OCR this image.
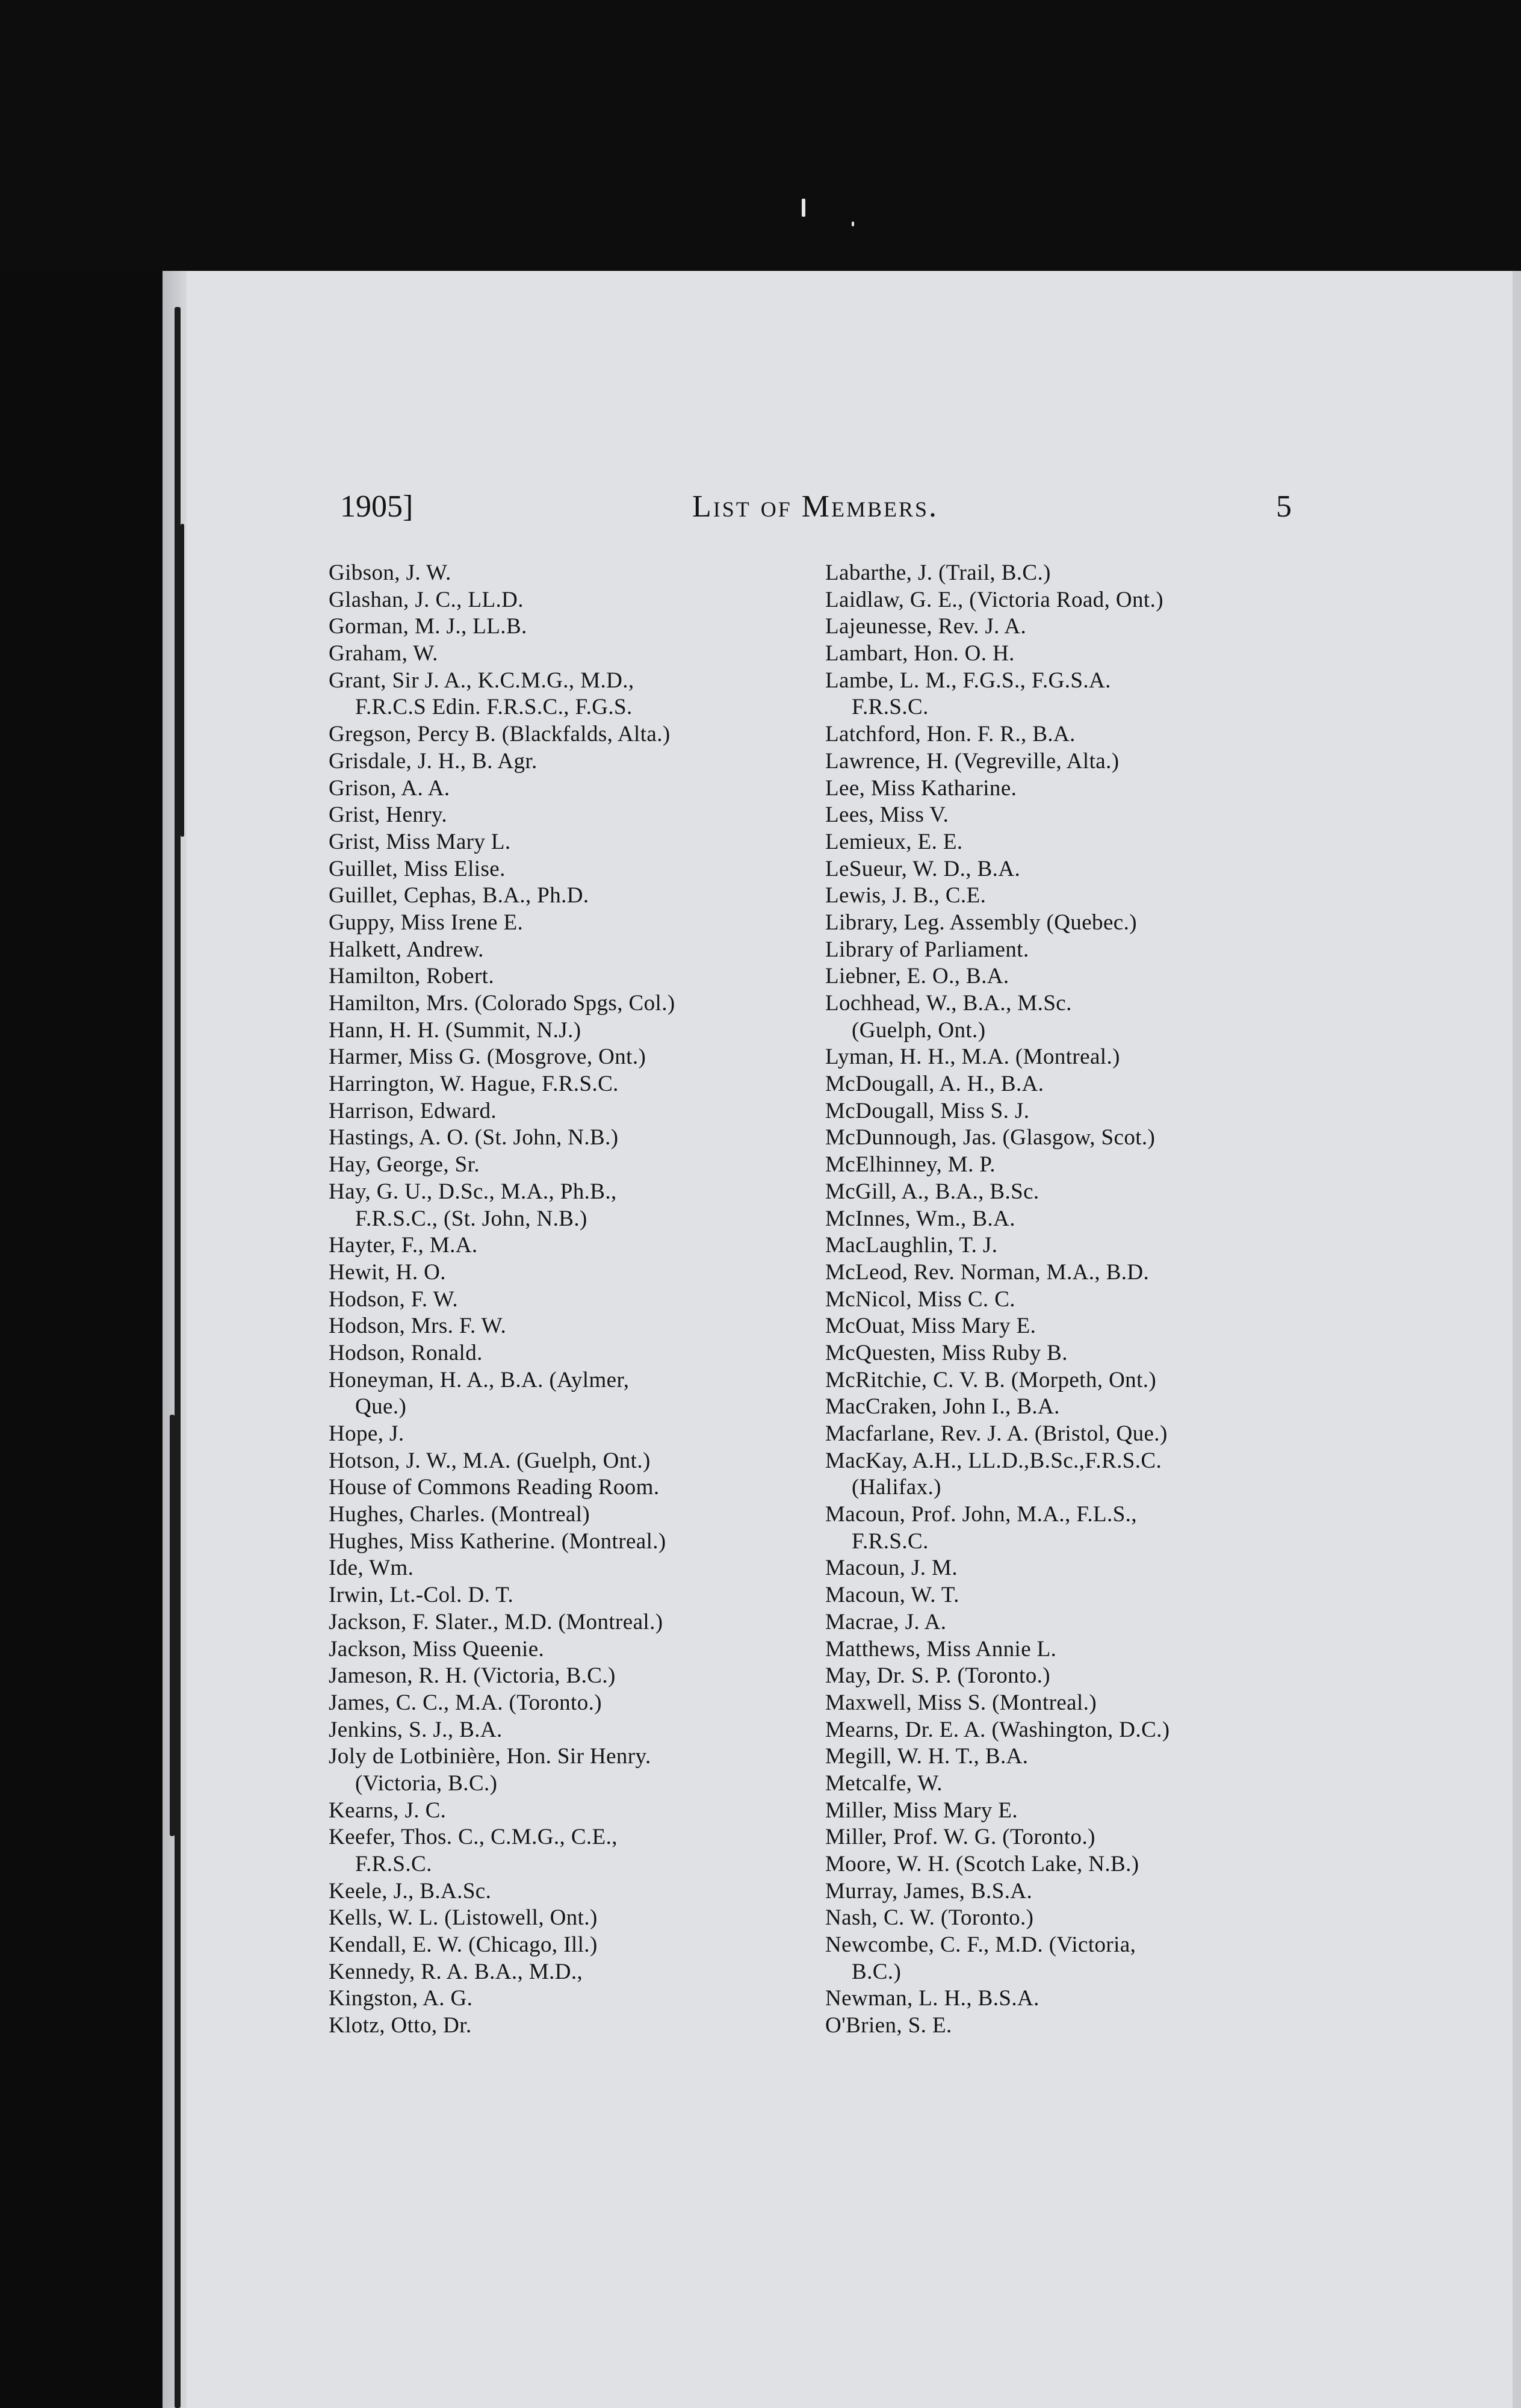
1905]	List of Members.	5
Gibson, J. W.
Glashan, J. C., LL.D.
Gorman, M. J., LL.B.
Graham, W.
Grant, Sir J. A., K.C.M.G., M.D.,
F.R.C.S Edin. F.R.S.C., F.G.S.
Gregson, Percy B. (Blackfalds, Alta.)
Grisdale, J. H., B. Agr.
Grison, A. A.
Grist, Henry.
Grist, Miss Mary L.
Guillet, Miss Elise.
Guillet, Cephas, B.A., Ph.D.
Guppy, Miss Irene E.
Halkett, Andrew.
Hamilton, Robert.
Hamilton, Mrs. (Colorado Spgs, Col.)
Hann, H. H. (Summit, N.J.)
Harmer, Miss G. (Mosgrove, Ont.)
Harrington, W. Hague, F.R.S.C.
Harrison, Edward.
Hastings, A. O. (St. John, N.B.)
Hay, George, Sr.
Hay, G. U., D.Sc., M.A., Ph.B.,
F.R.S.C., (St. John, N.B.)
Hayter, F., M.A.
Hewit, H. O.
Hodson, F. W.
Hodson, Mrs. F. W.
Hodson, Ronald.
Honeyman, H. A., B.A. (Aylmer,
Que.)
Hope, J.
Hotson, J. W., M.A. (Guelph, Ont.)
House of Commons Reading Room.
Hughes, Charles. (Montreal)
Hughes, Miss Katherine. (Montreal.)
Ide, Wm.
Irwin, Lt.-Col. D. T.
Jackson, F. Slater., M.D. (Montreal.)
Jackson, Miss Queenie.
Jameson, R. H. (Victoria, B.C.)
James, C. C., M.A. (Toronto.)
Jenkins, S. J., B.A.
Joly de Lotbinière, Hon. Sir Henry.
(Victoria, B.C.)
Kearns, J. C.
Keefer, Thos. C., C.M.G., C.E.,
F.R.S.C.
Keele, J., B.A.Sc.
Kells, W. L. (Listowell, Ont.)
Kendall, E. W. (Chicago, Ill.)
Kennedy, R. A. B.A., M.D.,
Kingston, A. G.
Klotz, Otto, Dr.
Labarthe, J. (Trail, B.C.)
Laidlaw, G. E., (Victoria Road, Ont.)
Lajeunesse, Rev. J. A.
Lambart, Hon. O. H.
Lambe, L. M., F.G.S., F.G.S.A.
F.R.S.C.
Latchford, Hon. F. R., B.A.
Lawrence, H. (Vegreville, Alta.)
Lee, Miss Katharine.
Lees, Miss V.
Lemieux, E. E.
LeSueur, W. D., B.A.
Lewis, J. B., C.E.
Library, Leg. Assembly (Quebec.)
Library of Parliament.
Liebner, E. O., B.A.
Lochhead, W., B.A., M.Sc.
(Guelph, Ont.)
Lyman, H. H., M.A. (Montreal.)
McDougall, A. H., B.A.
McDougall, Miss S. J.
McDunnough, Jas. (Glasgow, Scot.)
McElhinney, M. P.
McGill, A., B.A., B.Sc.
McInnes, Wm., B.A.
MacLaughlin, T. J.
McLeod, Rev. Norman, M.A., B.D.
McNicol, Miss C. C.
McOuat, Miss Mary E.
McQuesten, Miss Ruby B.
McRitchie, C. V. B. (Morpeth, Ont.)
MacCraken, John I., B.A.
Macfarlane, Rev. J. A. (Bristol, Que.)
MacKay, A.H., LL.D.,B.Sc.,F.R.S.C.
(Halifax.)
Macoun, Prof. John, M.A., F.L.S.,
F.R.S.C.
Macoun, J. M.
Macoun, W. T.
Macrae, J. A.
Matthews, Miss Annie L.
May, Dr. S. P. (Toronto.)
Maxwell, Miss S. (Montreal.)
Mearns, Dr. E. A. (Washington, D.C.)
Megill, W. H. T., B.A.
Metcalfe, W.
Miller, Miss Mary E.
Miller, Prof. W. G. (Toronto.)
Moore, W. H. (Scotch Lake, N.B.)
Murray, James, B.S.A.
Nash, C. W. (Toronto.)
Newcombe, C. F., M.D. (Victoria,
B.C.)
Newman, L. H., B.S.A.
O'Brien, S. E.
